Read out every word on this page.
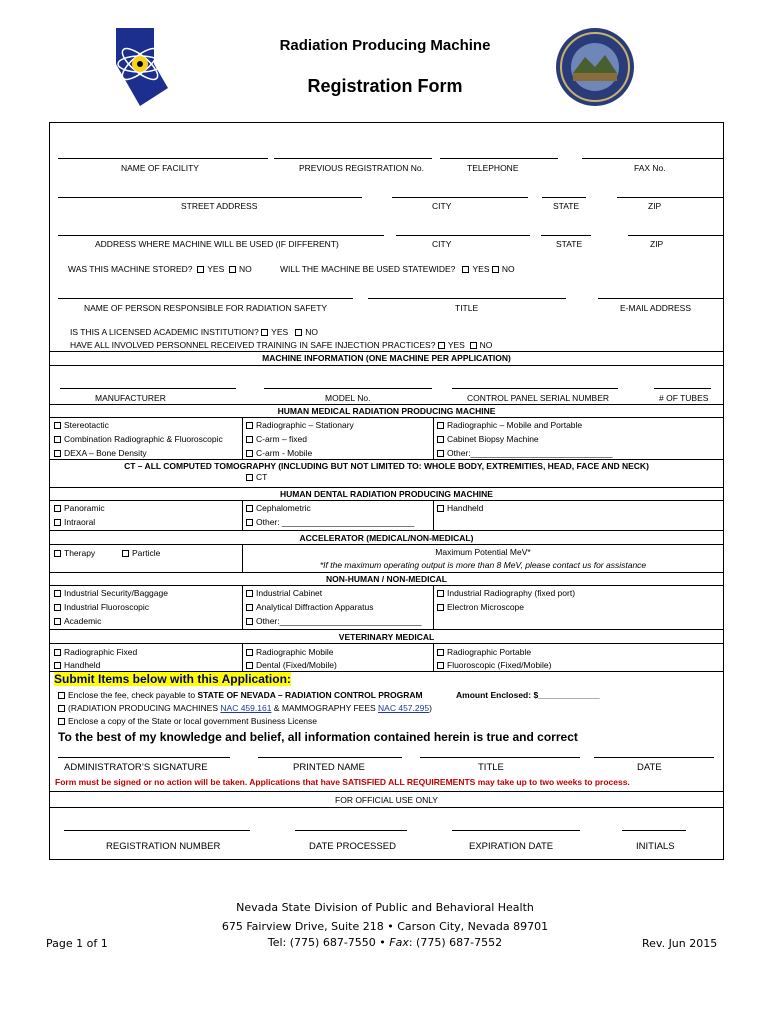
Radiation Producing Machine
Registration Form
NAME OF FACILITY	PREVIOUS REGISTRATION No.	TELEPHONE	FAX No.
STREET ADDRESS	CITY	STATE	ZIP
ADDRESS WHERE MACHINE WILL BE USED (IF DIFFERENT)	CITY	STATE	ZIP
WAS THIS MACHINE STORED? YES NO	WILL THE MACHINE BE USED STATEWIDE? YES NO
NAME OF PERSON RESPONSIBLE FOR RADIATION SAFETY	TITLE	E-MAIL ADDRESS
IS THIS A LICENSED ACADEMIC INSTITUTION? YES NO
HAVE ALL INVOLVED PERSONNEL RECEIVED TRAINING IN SAFE INJECTION PRACTICES? YES NO
MACHINE INFORMATION (ONE MACHINE PER APPLICATION)
MANUFACTURER	MODEL No.	CONTROL PANEL SERIAL NUMBER	# OF TUBES
HUMAN MEDICAL RADIATION PRODUCING MACHINE
Stereotactic
Combination Radiographic & Fluoroscopic
DEXA – Bone Density
Radiographic – Stationary
C-arm – fixed
C-arm - Mobile
Radiographic – Mobile and Portable
Cabinet Biopsy Machine
Other:______________________________
CT – ALL COMPUTED TOMOGRAPHY (INCLUDING BUT NOT LIMITED TO: WHOLE BODY, EXTREMITIES, HEAD, FACE AND NECK)
CT
HUMAN DENTAL RADIATION PRODUCING MACHINE
Panoramic
Intraoral
Cephalometric
Other: ____________________________
Handheld
ACCELERATOR (MEDICAL/NON-MEDICAL)
Therapy	Particle	Maximum Potential MeV*
*If the maximum operating output is more than 8 MeV, please contact us for assistance
NON-HUMAN / NON-MEDICAL
Industrial Security/Baggage
Industrial Fluoroscopic
Academic
Industrial Cabinet
Analytical Diffraction Apparatus
Other:______________________________
Industrial Radiography (fixed port)
Electron Microscope
VETERINARY MEDICAL
Radiographic Fixed
Handheld
Radiographic Mobile
Dental (Fixed/Mobile)
Radiographic Portable
Fluoroscopic (Fixed/Mobile)
Submit Items below with this Application:
Enclose the fee, check payable to STATE OF NEVADA – RADIATION CONTROL PROGRAM	Amount Enclosed: $_____________
(RADIATION PRODUCING MACHINES NAC 459.161 & MAMMOGRAPHY FEES NAC 457.295)
Enclose a copy of the State or local government Business License
To the best of my knowledge and belief, all information contained herein is true and correct
ADMINISTRATOR’S SIGNATURE	PRINTED NAME	TITLE	DATE
Form must be signed or no action will be taken. Applications that have SATISFIED ALL REQUIREMENTS may take up to two weeks to process.
FOR OFFICIAL USE ONLY
REGISTRATION NUMBER	DATE PROCESSED	EXPIRATION DATE	INITIALS
Nevada State Division of Public and Behavioral Health
675 Fairview Drive, Suite 218 • Carson City, Nevada 89701
Tel: (775) 687-7550 • Fax: (775) 687-7552
Page 1 of 1	Rev. Jun 2015
